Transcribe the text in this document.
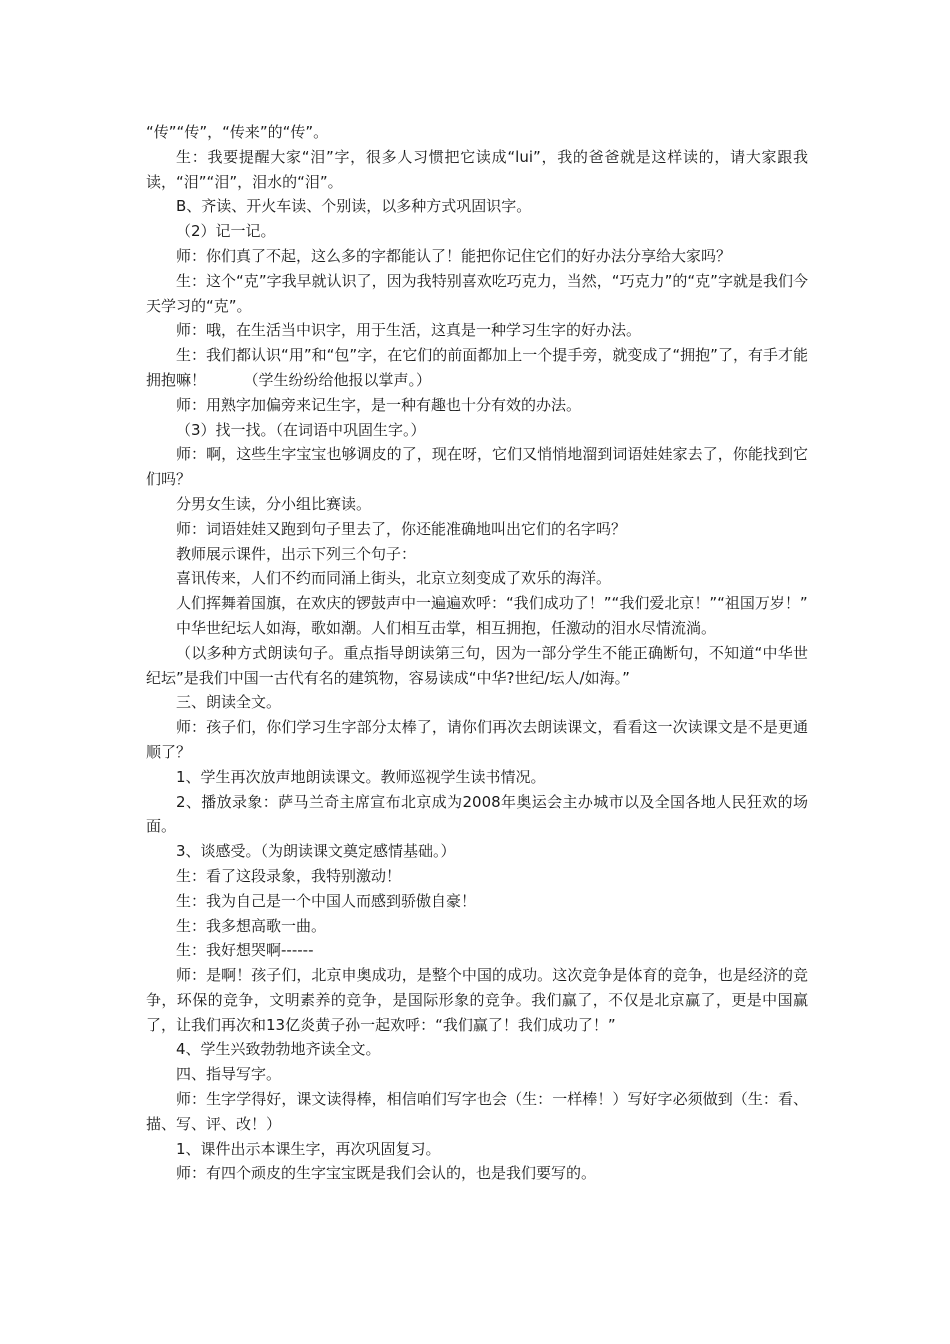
“传”“传”，“传来”的“传”。

生：我要提醒大家“泪”字，很多人习惯把它读成“lui”，我的爸爸就是这样读的，请大家跟我读，“泪”“泪”，泪水的“泪”。

B、齐读、开火车读、个别读，以多种方式巩固识字。

（2）记一记。

师：你们真了不起，这么多的字都能认了！能把你记住它们的好办法分享给大家吗？

生：这个“克”字我早就认识了，因为我特别喜欢吃巧克力，当然，“巧克力”的“克”字就是我们今天学习的“克”。

师：哦，在生活当中识字，用于生活，这真是一种学习生字的好办法。

生：我们都认识“用”和“包”字，在它们的前面都加上一个提手旁，就变成了“拥抱”了，有手才能拥抱嘛！　　　（学生纷纷给他报以掌声。）

师：用熟字加偏旁来记生字，是一种有趣也十分有效的办法。

（3）找一找。（在词语中巩固生字。）

师：啊，这些生字宝宝也够调皮的了，现在呀，它们又悄悄地溜到词语娃娃家去了，你能找到它们吗？

分男女生读，分小组比赛读。

师：词语娃娃又跑到句子里去了，你还能准确地叫出它们的名字吗？

教师展示课件，出示下列三个句子：

喜讯传来，人们不约而同涌上街头，北京立刻变成了欢乐的海洋。

人们挥舞着国旗，在欢庆的锣鼓声中一遍遍欢呼：“我们成功了！”“我们爱北京！”“祖国万岁！”

中华世纪坛人如海，歌如潮。人们相互击掌，相互拥抱，任激动的泪水尽情流淌。

（以多种方式朗读句子。重点指导朗读第三句，因为一部分学生不能正确断句，不知道“中华世纪坛”是我们中国一古代有名的建筑物，容易读成“中华?世纪/坛人/如海。”

三、朗读全文。

师：孩子们，你们学习生字部分太棒了，请你们再次去朗读课文，看看这一次读课文是不是更通顺了？

1、学生再次放声地朗读课文。教师巡视学生读书情况。

2、播放录象：萨马兰奇主席宣布北京成为2008年奥运会主办城市以及全国各地人民狂欢的场面。

3、谈感受。（为朗读课文奠定感情基础。）

生：看了这段录象，我特别激动！

生：我为自己是一个中国人而感到骄傲自豪！

生：我多想高歌一曲。

生：我好想哭啊------

师：是啊！孩子们，北京申奥成功，是整个中国的成功。这次竞争是体育的竞争，也是经济的竞争，环保的竞争，文明素养的竞争，是国际形象的竞争。我们赢了，不仅是北京赢了，更是中国赢了，让我们再次和13亿炎黄子孙一起欢呼：“我们赢了！我们成功了！”

4、学生兴致勃勃地齐读全文。

四、指导写字。

师：生字学得好，课文读得棒，相信咱们写字也会（生：一样棒！）写好字必须做到（生：看、描、写、评、改！）

1、课件出示本课生字，再次巩固复习。

师：有四个顽皮的生字宝宝既是我们会认的，也是我们要写的。
